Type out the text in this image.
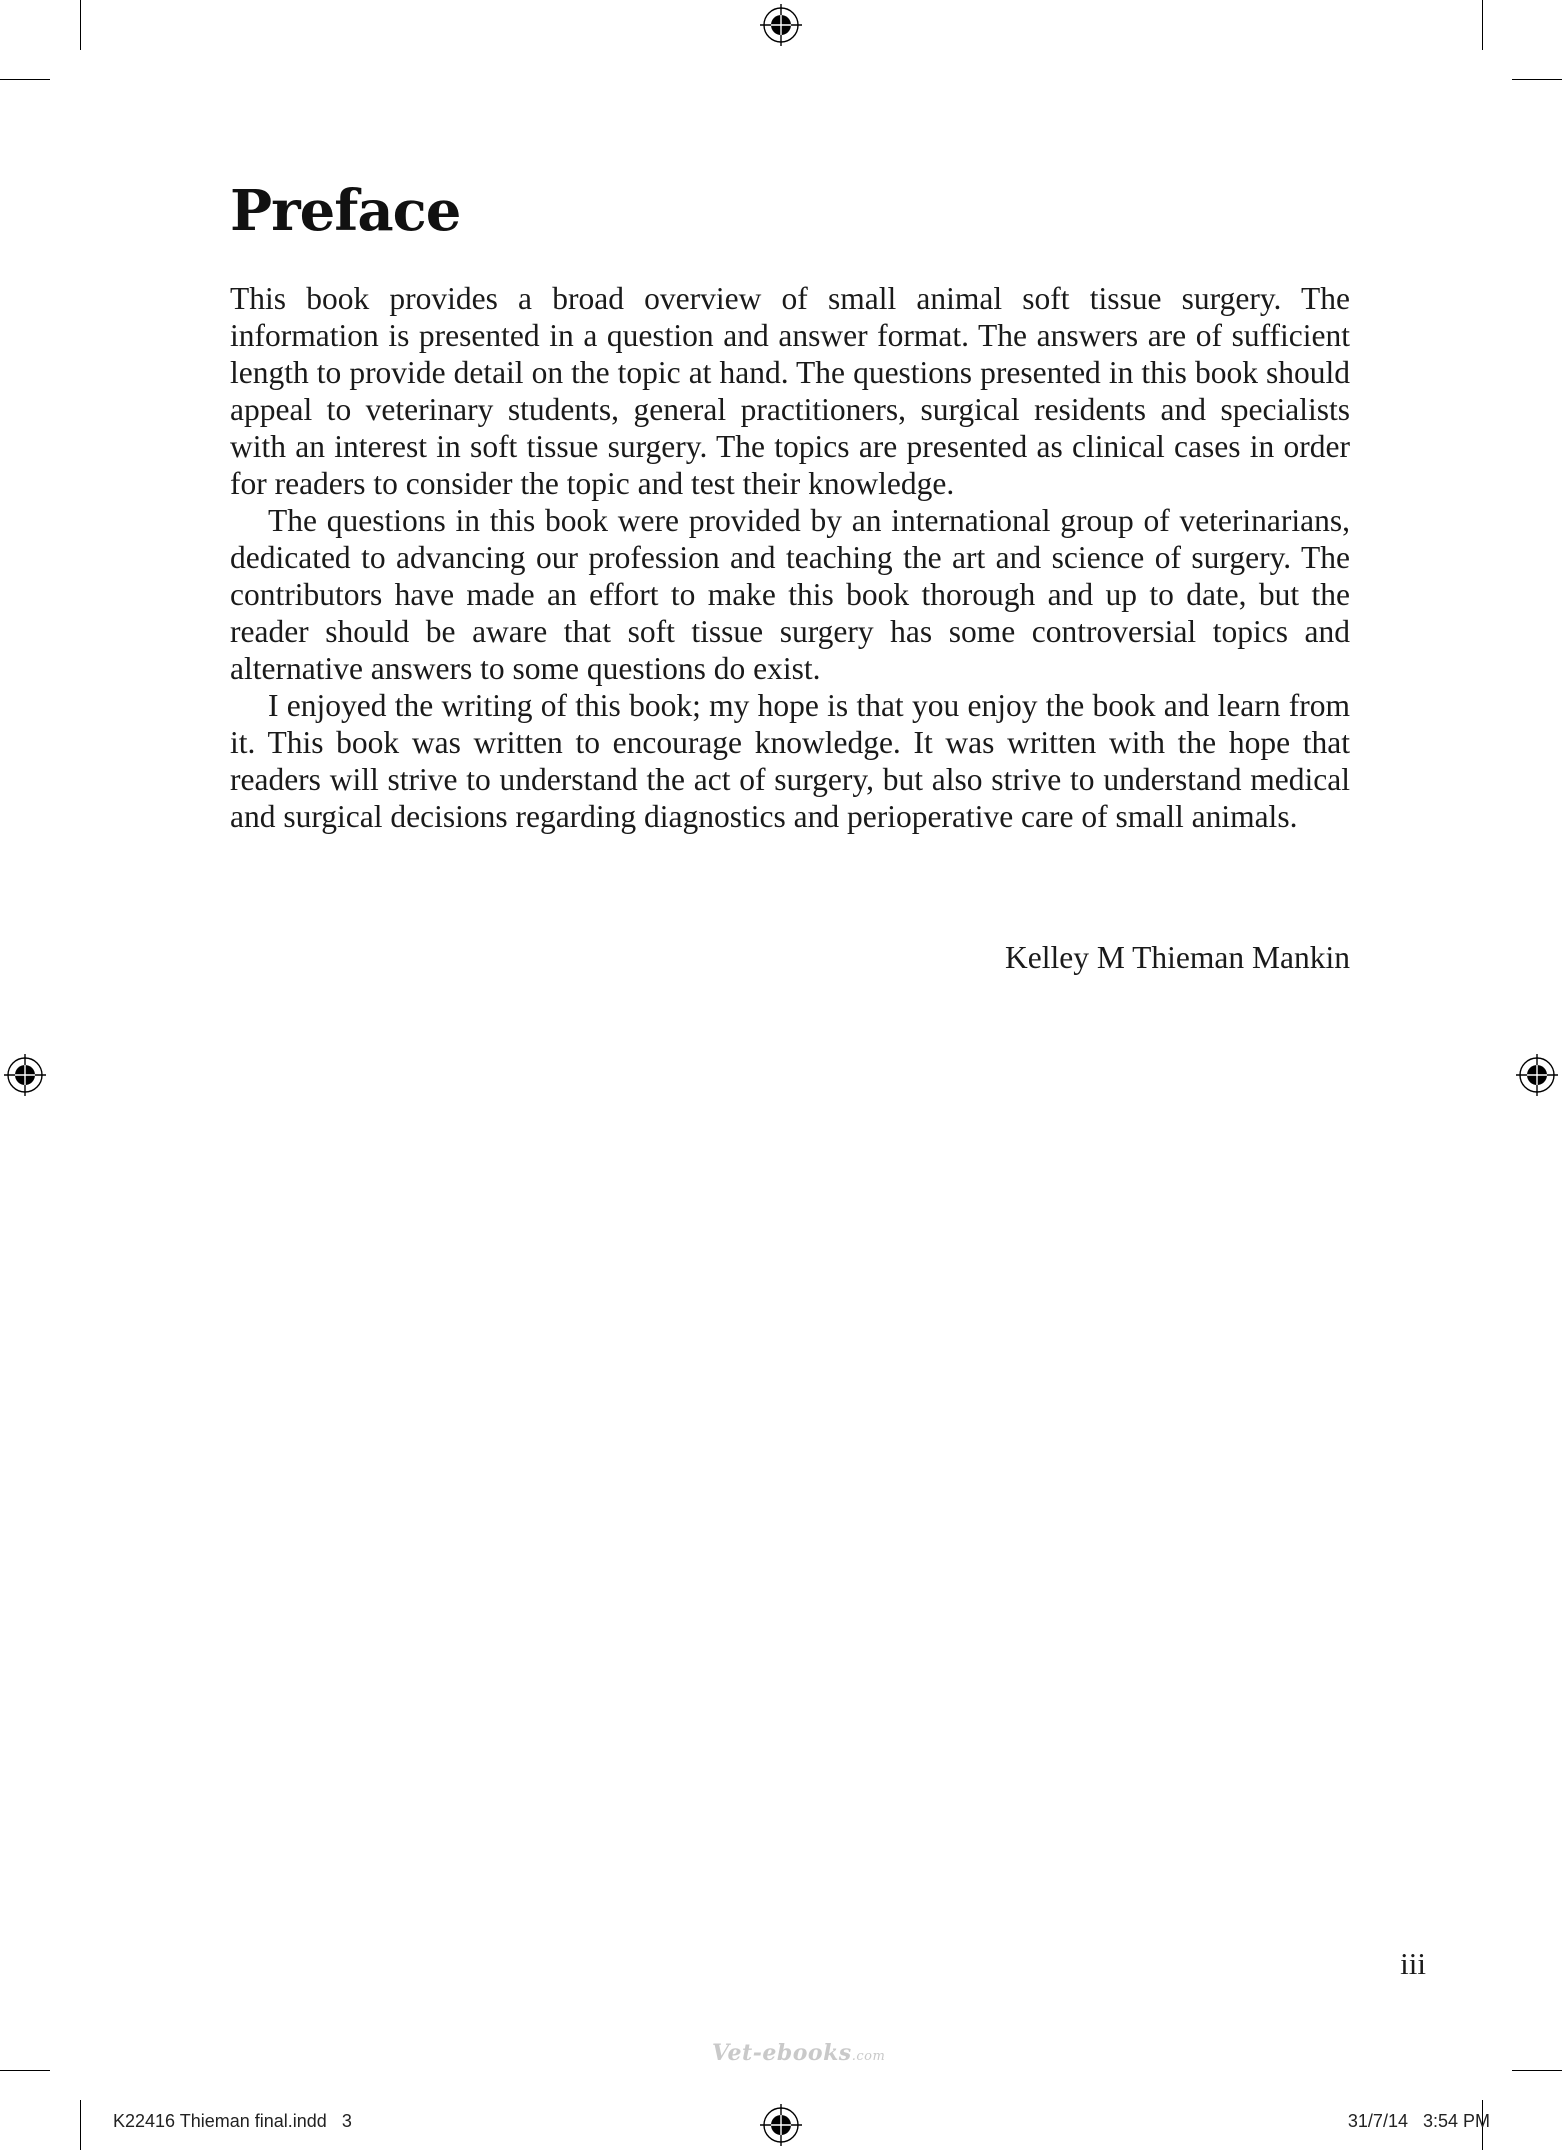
Preface

This book provides a broad overview of small animal soft tissue surgery. The information is presented in a question and answer format. The answers are of sufficient length to provide detail on the topic at hand. The questions presented in this book should appeal to veterinary students, general practitioners, surgical residents and specialists with an interest in soft tissue surgery. The topics are presented as clinical cases in order for readers to consider the topic and test their knowledge.

The questions in this book were provided by an international group of veterinarians, dedicated to advancing our profession and teaching the art and science of surgery. The contributors have made an effort to make this book thorough and up to date, but the reader should be aware that soft tissue surgery has some controversial topics and alternative answers to some questions do exist.

I enjoyed the writing of this book; my hope is that you enjoy the book and learn from it. This book was written to encourage knowledge. It was written with the hope that readers will strive to understand the act of surgery, but also strive to understand medical and surgical decisions regarding diagnostics and perioperative care of small animals.

Kelley M Thieman Mankin
iii
Vet-ebooks.com
K22416 Thieman final.indd   3	31/7/14   3:54 PM
